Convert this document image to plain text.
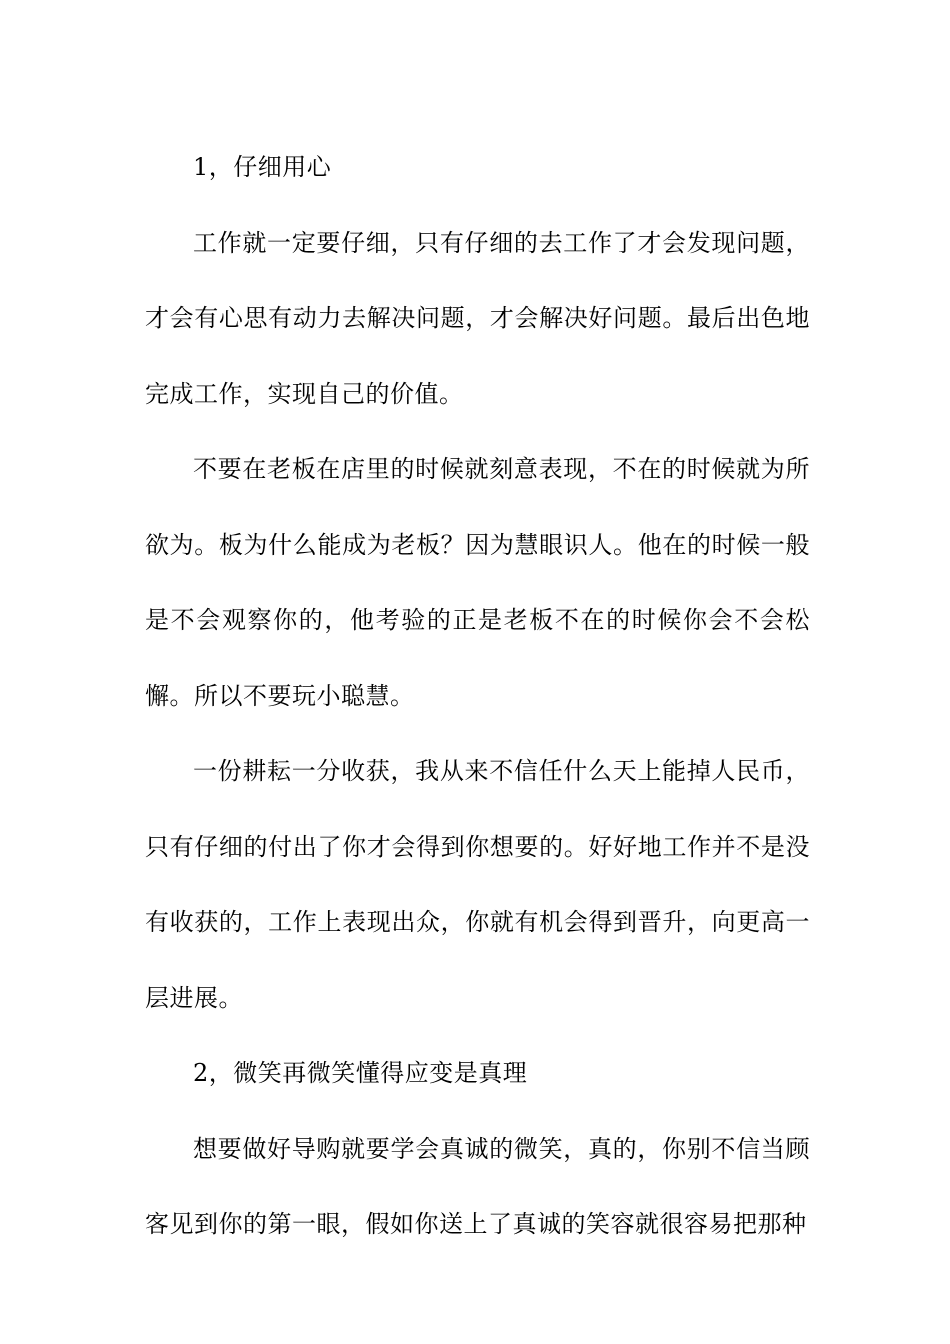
1，仔细用心

工作就一定要仔细，只有仔细的去工作了才会发现问题，才会有心思有动力去解决问题，才会解决好问题。最后出色地完成工作，实现自己的价值。

不要在老板在店里的时候就刻意表现，不在的时候就为所欲为。板为什么能成为老板？因为慧眼识人。他在的时候一般是不会观察你的，他考验的正是老板不在的时候你会不会松懈。所以不要玩小聪慧。

一份耕耘一分收获，我从来不信任什么天上能掉人民币，只有仔细的付出了你才会得到你想要的。好好地工作并不是没有收获的，工作上表现出众，你就有机会得到晋升，向更高一层进展。

2，微笑再微笑懂得应变是真理

想要做好导购就要学会真诚的微笑，真的，你别不信当顾客见到你的第一眼，假如你送上了真诚的笑容就很容易把那种
